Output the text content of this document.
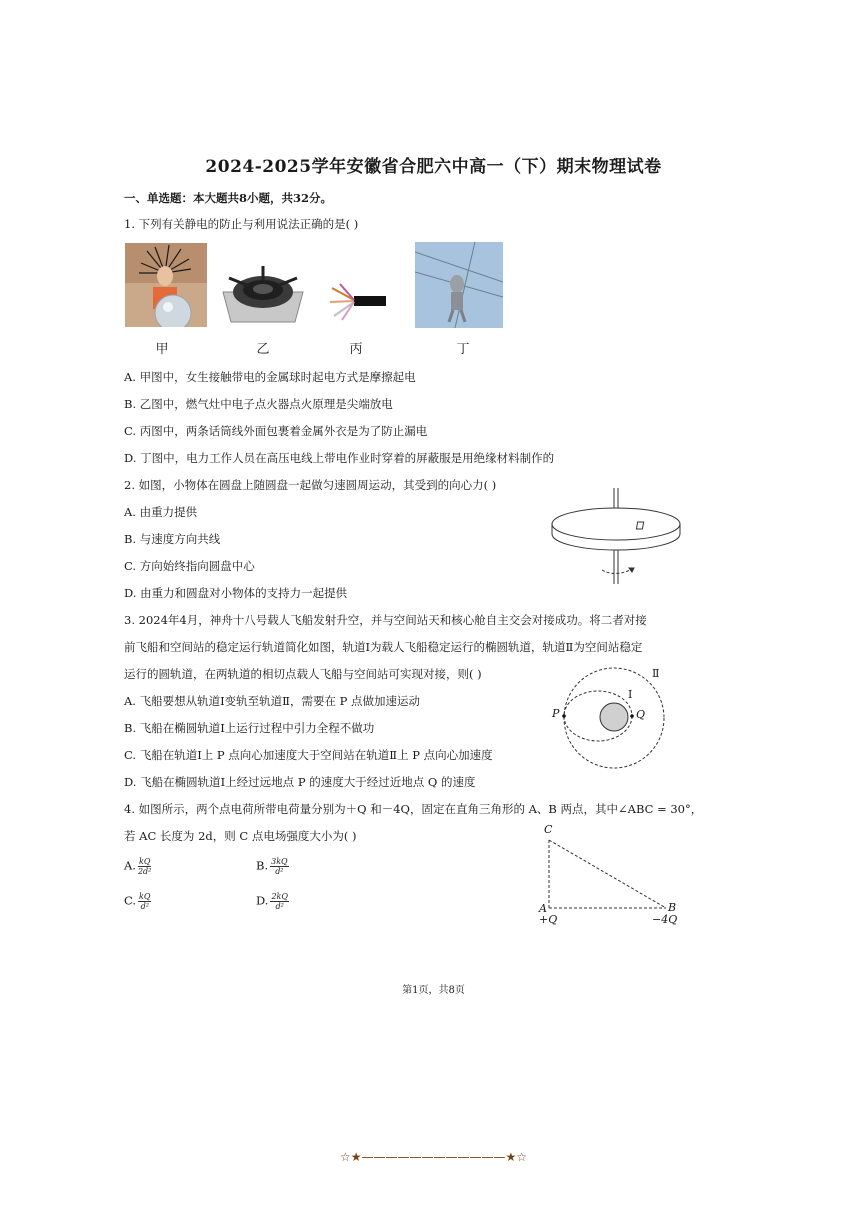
2024-2025学年安徽省合肥六中高一（下）期末物理试卷
一、单选题：本大题共8小题，共32分。
1. 下列有关静电的防止与利用说法正确的是( )
甲	乙	丙	丁
A. 甲图中，女生接触带电的金属球时起电方式是摩擦起电
B. 乙图中，燃气灶中电子点火器点火原理是尖端放电
C. 丙图中，两条话筒线外面包裹着金属外衣是为了防止漏电
D. 丁图中，电力工作人员在高压电线上带电作业时穿着的屏蔽服是用绝缘材料制作的
2. 如图，小物体在圆盘上随圆盘一起做匀速圆周运动，其受到的向心力( )
A. 由重力提供
B. 与速度方向共线
C. 方向始终指向圆盘中心
D. 由重力和圆盘对小物体的支持力一起提供
3. 2024年4月，神舟十八号载人飞船发射升空，并与空间站天和核心舱自主交会对接成功。将二者对接
前飞船和空间站的稳定运行轨道简化如图，轨道Ⅰ为载人飞船稳定运行的椭圆轨道，轨道Ⅱ为空间站稳定
运行的圆轨道，在两轨道的相切点载人飞船与空间站可实现对接，则( )
A. 飞船要想从轨道Ⅰ变轨至轨道Ⅱ，需要在 P 点做加速运动
B. 飞船在椭圆轨道Ⅰ上运行过程中引力全程不做功
C. 飞船在轨道Ⅰ上 P 点向心加速度大于空间站在轨道Ⅱ上 P 点向心加速度
D. 飞船在椭圆轨道Ⅰ上经过远地点 P 的速度大于经过近地点 Q 的速度
Ⅱ
Ⅰ
P	Q
4. 如图所示，两个点电荷所带电荷量分别为＋Q 和－4Q，固定在直角三角形的 A、B 两点，其中∠ABC = 30°，
若 AC 长度为 2d，则 C 点电场强度大小为( )
A. $\frac{kQ}{\text{2d²}}$	B. $\frac{3kQ}{\text{d²}}$
C. $\frac{kQ}{\text{d²}}$	D. $\frac{2kQ}{\text{d²}}$
C
A	B
+Q	−4Q
第1页，共8页
☆★————————————★☆
